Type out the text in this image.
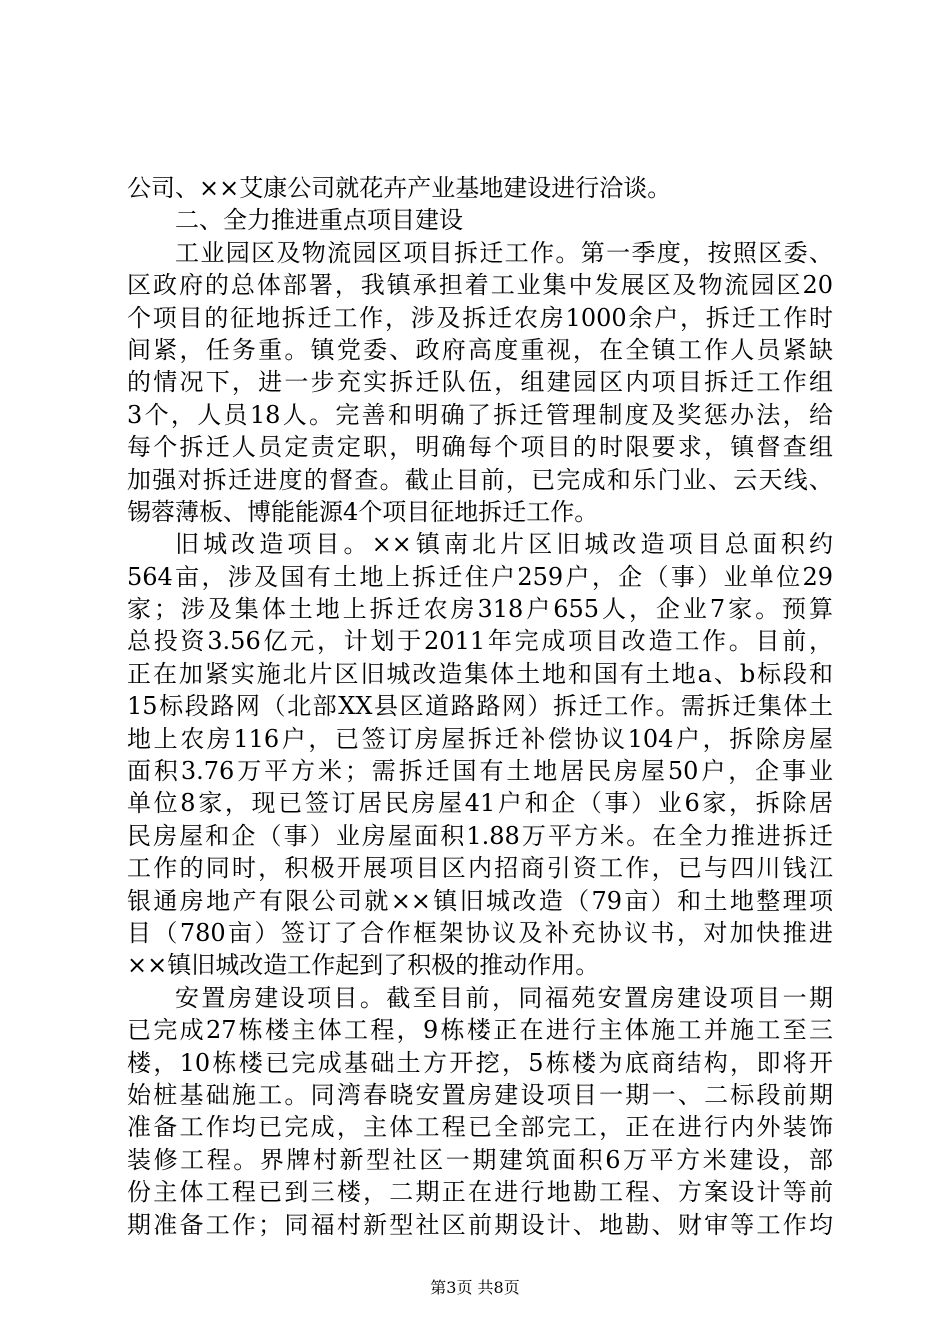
公司、××艾康公司就花卉产业基地建设进行洽谈。
二、全力推进重点项目建设
工业园区及物流园区项目拆迁工作。第一季度，按照区委、
区政府的总体部署，我镇承担着工业集中发展区及物流园区20
个项目的征地拆迁工作，涉及拆迁农房1000余户，拆迁工作时
间紧，任务重。镇党委、政府高度重视，在全镇工作人员紧缺
的情况下，进一步充实拆迁队伍，组建园区内项目拆迁工作组
3个，人员18人。完善和明确了拆迁管理制度及奖惩办法，给
每个拆迁人员定责定职，明确每个项目的时限要求，镇督查组
加强对拆迁进度的督查。截止目前，已完成和乐门业、云天线、
锡蓉薄板、博能能源4个项目征地拆迁工作。
旧城改造项目。××镇南北片区旧城改造项目总面积约
564亩，涉及国有土地上拆迁住户259户，企（事）业单位29
家；涉及集体土地上拆迁农房318户655人，企业7家。预算
总投资3.56亿元，计划于2011年完成项目改造工作。目前，
正在加紧实施北片区旧城改造集体土地和国有土地a、b标段和
15标段路网（北部XX县区道路路网）拆迁工作。需拆迁集体土
地上农房116户，已签订房屋拆迁补偿协议104户，拆除房屋
面积3.76万平方米；需拆迁国有土地居民房屋50户，企事业
单位8家，现已签订居民房屋41户和企（事）业6家，拆除居
民房屋和企（事）业房屋面积1.88万平方米。在全力推进拆迁
工作的同时，积极开展项目区内招商引资工作，已与四川钱江
银通房地产有限公司就××镇旧城改造（79亩）和土地整理项
目（780亩）签订了合作框架协议及补充协议书，对加快推进
××镇旧城改造工作起到了积极的推动作用。
安置房建设项目。截至目前，同福苑安置房建设项目一期
已完成27栋楼主体工程，9栋楼正在进行主体施工并施工至三
楼，10栋楼已完成基础土方开挖，5栋楼为底商结构，即将开
始桩基础施工。同湾春晓安置房建设项目一期一、二标段前期
准备工作均已完成，主体工程已全部完工，正在进行内外装饰
装修工程。界牌村新型社区一期建筑面积6万平方米建设，部
份主体工程已到三楼，二期正在进行地勘工程、方案设计等前
期准备工作；同福村新型社区前期设计、地勘、财审等工作均
第3页 共8页
